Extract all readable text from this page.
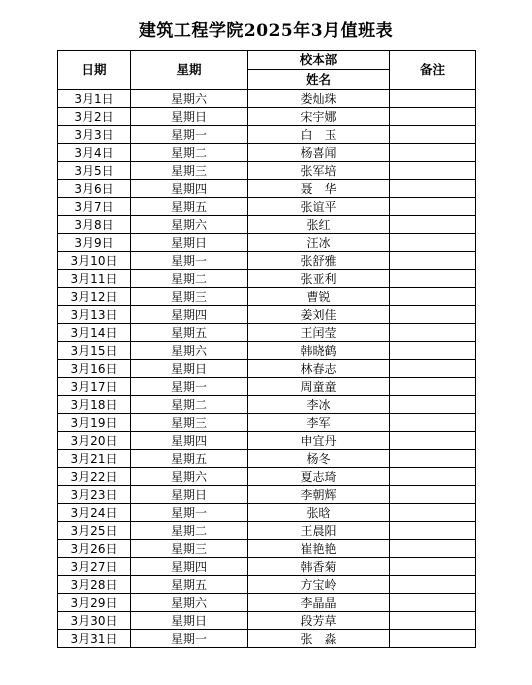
建筑工程学院2025年3月值班表
日期	星期	校本部	备注
		姓名	
3月1日	星期六	娄灿珠	
3月2日	星期日	宋宇娜	
3月3日	星期一	白　玉	
3月4日	星期二	杨喜闻	
3月5日	星期三	张军培	
3月6日	星期四	聂　华	
3月7日	星期五	张谊平	
3月8日	星期六	张红	
3月9日	星期日	汪冰	
3月10日	星期一	张舒雅	
3月11日	星期二	张亚利	
3月12日	星期三	曹锐	
3月13日	星期四	姜刘佳	
3月14日	星期五	王闰莹	
3月15日	星期六	韩晓鹤	
3月16日	星期日	林春志	
3月17日	星期一	周童童	
3月18日	星期二	李冰	
3月19日	星期三	李军	
3月20日	星期四	申宜丹	
3月21日	星期五	杨冬	
3月22日	星期六	夏志琦	
3月23日	星期日	李朝辉	
3月24日	星期一	张晗	
3月25日	星期二	王晨阳	
3月26日	星期三	崔艳艳	
3月27日	星期四	韩香菊	
3月28日	星期五	方宝岭	
3月29日	星期六	李晶晶	
3月30日	星期日	段芳草	
3月31日	星期一	张　淼	
